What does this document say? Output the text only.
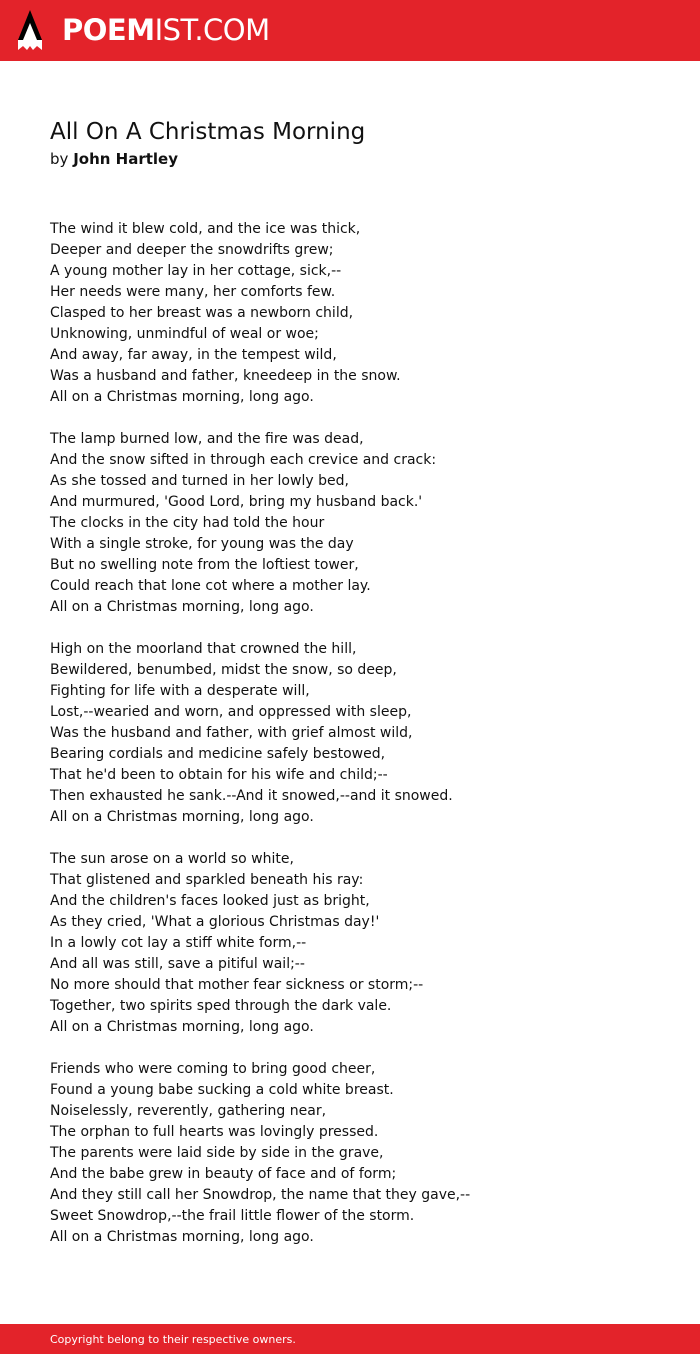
POEMIST.COM
All On A Christmas Morning
by John Hartley
The wind it blew cold, and the ice was thick,
Deeper and deeper the snowdrifts grew;
A young mother lay in her cottage, sick,--
Her needs were many, her comforts few.
Clasped to her breast was a newborn child,
Unknowing, unmindful of weal or woe;
And away, far away, in the tempest wild,
Was a husband and father, kneedeep in the snow.
All on a Christmas morning, long ago.
The lamp burned low, and the fire was dead,
And the snow sifted in through each crevice and crack:
As she tossed and turned in her lowly bed,
And murmured, 'Good Lord, bring my husband back.'
The clocks in the city had told the hour
With a single stroke, for young was the day
But no swelling note from the loftiest tower,
Could reach that lone cot where a mother lay.
All on a Christmas morning, long ago.
High on the moorland that crowned the hill,
Bewildered, benumbed, midst the snow, so deep,
Fighting for life with a desperate will,
Lost,--wearied and worn, and oppressed with sleep,
Was the husband and father, with grief almost wild,
Bearing cordials and medicine safely bestowed,
That he'd been to obtain for his wife and child;--
Then exhausted he sank.--And it snowed,--and it snowed.
All on a Christmas morning, long ago.
The sun arose on a world so white,
That glistened and sparkled beneath his ray:
And the children's faces looked just as bright,
As they cried, 'What a glorious Christmas day!'
In a lowly cot lay a stiff white form,--
And all was still, save a pitiful wail;--
No more should that mother fear sickness or storm;--
Together, two spirits sped through the dark vale.
All on a Christmas morning, long ago.
Friends who were coming to bring good cheer,
Found a young babe sucking a cold white breast.
Noiselessly, reverently, gathering near,
The orphan to full hearts was lovingly pressed.
The parents were laid side by side in the grave,
And the babe grew in beauty of face and of form;
And they still call her Snowdrop, the name that they gave,--
Sweet Snowdrop,--the frail little flower of the storm.
All on a Christmas morning, long ago.
Copyright belong to their respective owners.
